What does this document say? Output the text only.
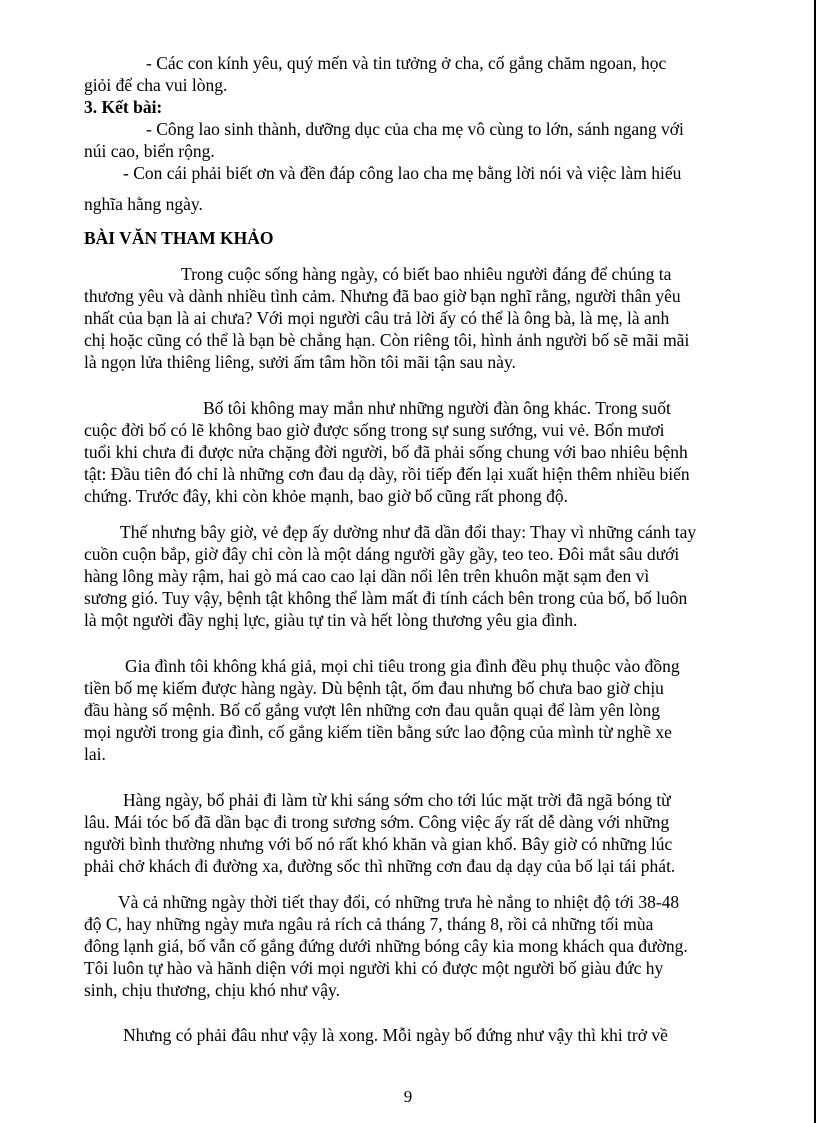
- Các con kính yêu, quý mến và tin tưởng ở cha, cố gắng chăm ngoan, học

giỏi để cha vui lòng.

3. Kết bài:

- Công lao sinh thành, dưỡng dục của cha mẹ vô cùng to lớn, sánh ngang với

núi cao, biển rộng.

- Con cái phải biết ơn và đền đáp công lao cha mẹ bằng lời nói và việc làm hiếu

nghĩa hằng ngày.

BÀI VĂN THAM KHẢO

Trong cuộc sống hàng ngày, có biết bao nhiêu người đáng để chúng ta

thương yêu và dành nhiều tình cảm. Nhưng đã bao giờ bạn nghĩ rằng, người thân yêu

nhất của bạn là ai chưa? Với mọi người câu trả lời ấy có thể là ông bà, là mẹ, là anh

chị hoặc cũng có thể là bạn bè chẳng hạn. Còn riêng tôi, hình ảnh người bố sẽ mãi mãi

là ngọn lửa thiêng liêng, sưởi ấm tâm hồn tôi mãi tận sau này.

Bố tôi không may mắn như những người đàn ông khác. Trong suốt

cuộc đời bố có lẽ không bao giờ được sống trong sự sung sướng, vui vẻ. Bốn mươi

tuổi khi chưa đi được nửa chặng đời người, bố đã phải sống chung với bao nhiêu bệnh

tật: Đầu tiên đó chỉ là những cơn đau dạ dày, rồi tiếp đến lại xuất hiện thêm nhiều biến

chứng. Trước đây, khi còn khỏe mạnh, bao giờ bố cũng rất phong độ.

Thế nhưng bây giờ, vẻ đẹp ấy dường như đã dần đổi thay: Thay vì những cánh tay

cuồn cuộn bắp, giờ đây chỉ còn là một dáng người gầy gầy, teo teo. Đôi mắt sâu dưới

hàng lông mày rậm, hai gò má cao cao lại dần nổi lên trên khuôn mặt sạm đen vì

sương gió. Tuy vậy, bệnh tật không thể làm mất đi tính cách bên trong của bố, bố luôn

là một người đầy nghị lực, giàu tự tin và hết lòng thương yêu gia đình.

Gia đình tôi không khá giả, mọi chi tiêu trong gia đình đều phụ thuộc vào đồng

tiền bố mẹ kiếm được hàng ngày. Dù bệnh tật, ốm đau nhưng bố chưa bao giờ chịu

đầu hàng số mệnh. Bố cố gắng vượt lên những cơn đau quằn quại để làm yên lòng

mọi người trong gia đình, cố gắng kiếm tiền bằng sức lao động của mình từ nghề xe

lai.

Hàng ngày, bố phải đi làm từ khi sáng sớm cho tới lúc mặt trời đã ngã bóng từ

lâu. Mái tóc bố đã dần bạc đi trong sương sớm. Công việc ấy rất dễ dàng với những

người bình thường nhưng với bố nó rất khó khăn và gian khổ. Bây giờ có những lúc

phải chở khách đi đường xa, đường sốc thì những cơn đau dạ dạy của bố lại tái phát.

Và cả những ngày thời tiết thay đổi, có những trưa hè nắng to nhiệt độ tới 38-48

độ C, hay những ngày mưa ngâu rả rích cả tháng 7, tháng 8, rồi cả những tối mùa

đông lạnh giá, bố vẫn cố gắng đứng dưới những bóng cây kia mong khách qua đường.

Tôi luôn tự hào và hãnh diện với mọi người khi có được một người bố giàu đức hy

sinh, chịu thương, chịu khó như vậy.

Nhưng có phải đâu như vậy là xong. Mỗi ngày bố đứng như vậy thì khi trở về

9
